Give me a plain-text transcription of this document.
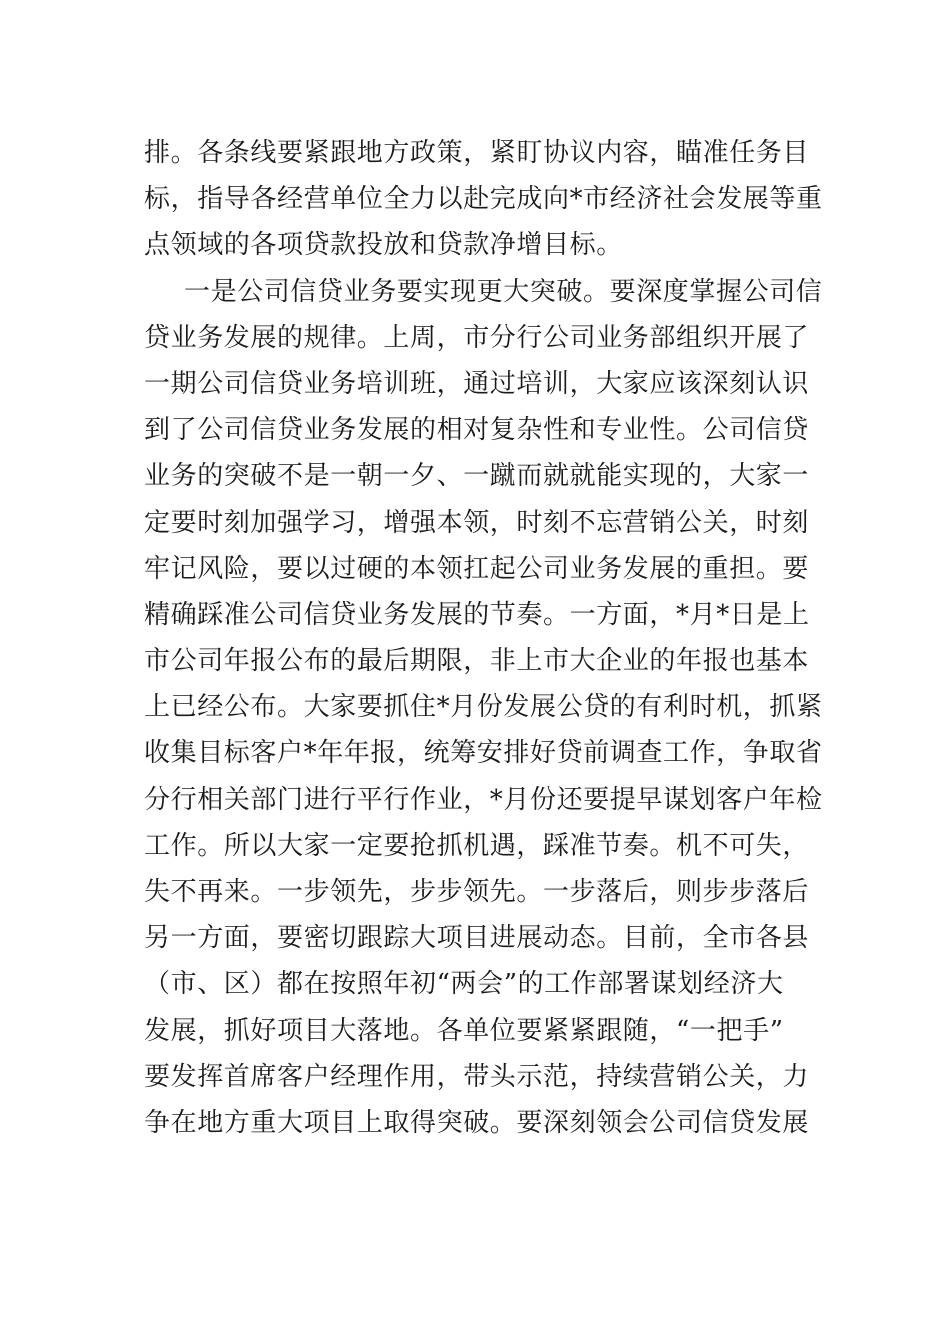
排。各条线要紧跟地方政策，紧盯协议内容，瞄准任务目
标，指导各经营单位全力以赴完成向*市经济社会发展等重
点领域的各项贷款投放和贷款净增目标。
一是公司信贷业务要实现更大突破。要深度掌握公司信
贷业务发展的规律。上周，市分行公司业务部组织开展了
一期公司信贷业务培训班，通过培训，大家应该深刻认识
到了公司信贷业务发展的相对复杂性和专业性。公司信贷
业务的突破不是一朝一夕、一蹴而就就能实现的，大家一
定要时刻加强学习，增强本领，时刻不忘营销公关，时刻
牢记风险，要以过硬的本领扛起公司业务发展的重担。要
精确踩准公司信贷业务发展的节奏。一方面，*月*日是上
市公司年报公布的最后期限，非上市大企业的年报也基本
上已经公布。大家要抓住*月份发展公贷的有利时机，抓紧
收集目标客户*年年报，统筹安排好贷前调查工作，争取省
分行相关部门进行平行作业，*月份还要提早谋划客户年检
工作。所以大家一定要抢抓机遇，踩准节奏。机不可失，
失不再来。一步领先，步步领先。一步落后，则步步落后
另一方面，要密切跟踪大项目进展动态。目前，全市各县
（市、区）都在按照年初“两会”的工作部署谋划经济大
发展，抓好项目大落地。各单位要紧紧跟随，“一把手”
要发挥首席客户经理作用，带头示范，持续营销公关，力
争在地方重大项目上取得突破。要深刻领会公司信贷发展
